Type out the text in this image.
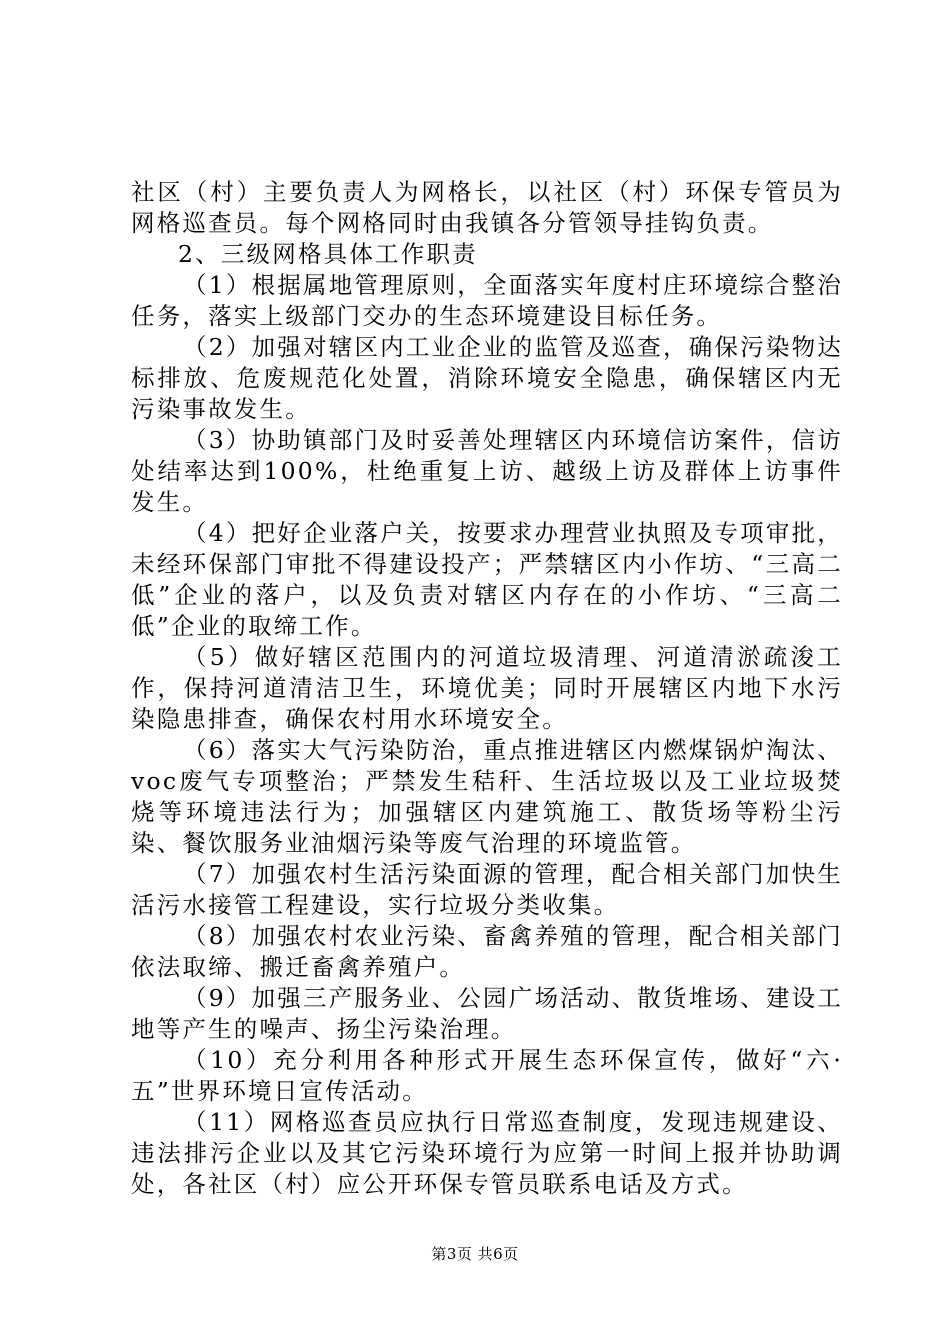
社区（村）主要负责人为网格长，以社区（村）环保专管员为网格巡查员。每个网格同时由我镇各分管领导挂钩负责。

2、三级网格具体工作职责

（1）根据属地管理原则，全面落实年度村庄环境综合整治任务，落实上级部门交办的生态环境建设目标任务。

（2）加强对辖区内工业企业的监管及巡查，确保污染物达标排放、危废规范化处置，消除环境安全隐患，确保辖区内无污染事故发生。

（3）协助镇部门及时妥善处理辖区内环境信访案件，信访处结率达到100%，杜绝重复上访、越级上访及群体上访事件发生。

（4）把好企业落户关，按要求办理营业执照及专项审批，未经环保部门审批不得建设投产；严禁辖区内小作坊、“三高二低”企业的落户，以及负责对辖区内存在的小作坊、“三高二低”企业的取缔工作。

（5）做好辖区范围内的河道垃圾清理、河道清淤疏浚工作，保持河道清洁卫生，环境优美；同时开展辖区内地下水污染隐患排查，确保农村用水环境安全。

（6）落实大气污染防治，重点推进辖区内燃煤锅炉淘汰、voc废气专项整治；严禁发生秸秆、生活垃圾以及工业垃圾焚烧等环境违法行为；加强辖区内建筑施工、散货场等粉尘污染、餐饮服务业油烟污染等废气治理的环境监管。

（7）加强农村生活污染面源的管理，配合相关部门加快生活污水接管工程建设，实行垃圾分类收集。

（8）加强农村农业污染、畜禽养殖的管理，配合相关部门依法取缔、搬迁畜禽养殖户。

（9）加强三产服务业、公园广场活动、散货堆场、建设工地等产生的噪声、扬尘污染治理。

（10）充分利用各种形式开展生态环保宣传，做好“六·五”世界环境日宣传活动。

（11）网格巡查员应执行日常巡查制度，发现违规建设、违法排污企业以及其它污染环境行为应第一时间上报并协助调处，各社区（村）应公开环保专管员联系电话及方式。

第3页 共6页
